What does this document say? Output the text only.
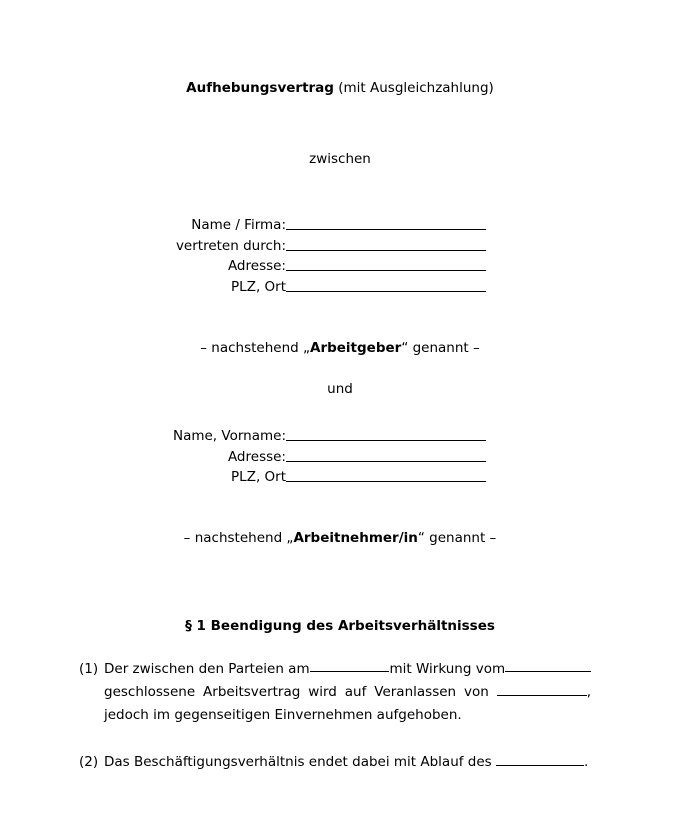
Aufhebungsvertrag (mit Ausgleichzahlung)
zwischen
Name / Firma:
vertreten durch:
Adresse:
PLZ, Ort
– nachstehend „Arbeitgeber“ genannt –
und
Name, Vorname:
Adresse:
PLZ, Ort
– nachstehend „Arbeitnehmer/in“ genannt –
§ 1 Beendigung des Arbeitsverhältnisses
(1) Der zwischen den Parteien am	mit Wirkung vom
geschlossene Arbeitsvertrag wird auf Veranlassen von	,
jedoch im gegenseitigen Einvernehmen aufgehoben.
(2) Das Beschäftigungsverhältnis endet dabei mit Ablauf des	.
